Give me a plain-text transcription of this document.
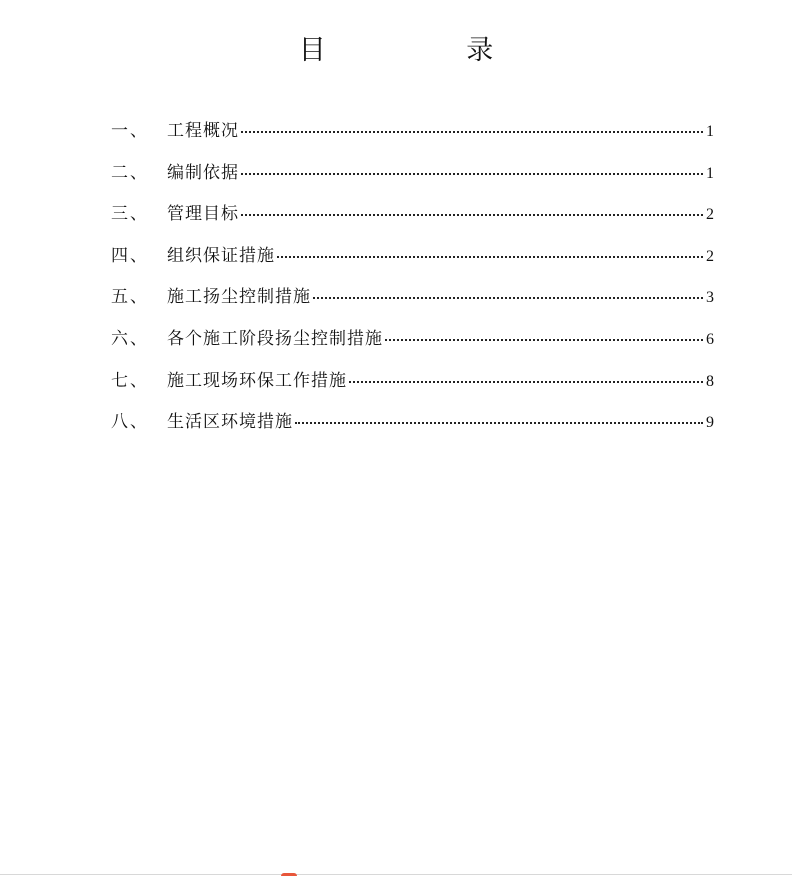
目 录
一、	工程概况	1
二、	编制依据	1
三、	管理目标	2
四、	组织保证措施	2
五、	施工扬尘控制措施	3
六、	各个施工阶段扬尘控制措施	6
七、	施工现场环保工作措施	8
八、	生活区环境措施	9
